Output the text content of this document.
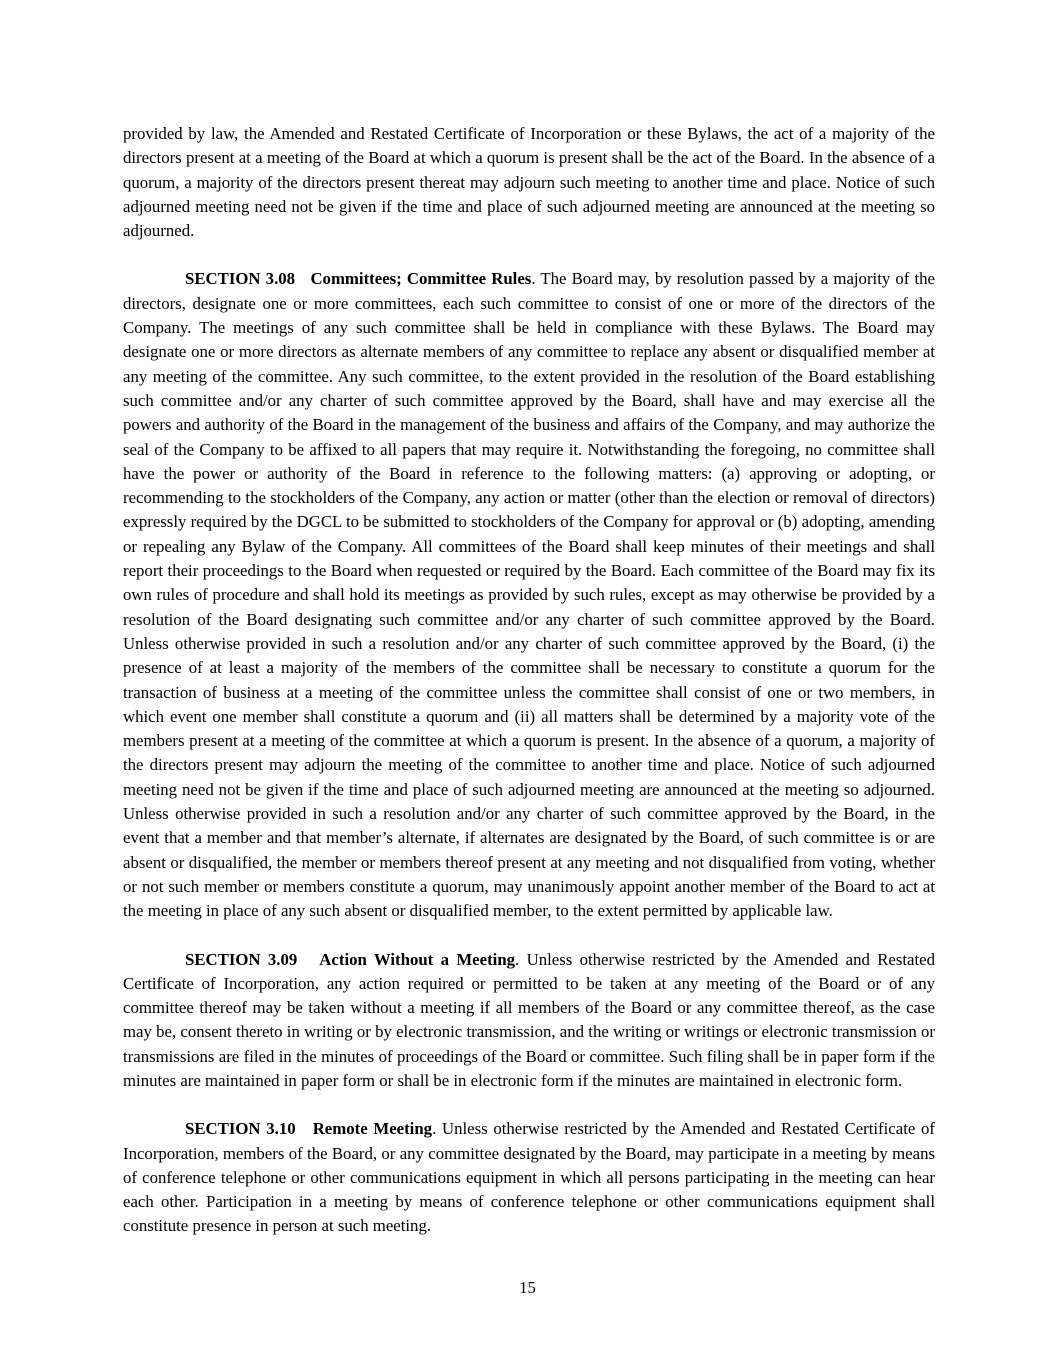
provided by law, the Amended and Restated Certificate of Incorporation or these Bylaws, the act of a majority of the directors present at a meeting of the Board at which a quorum is present shall be the act of the Board. In the absence of a quorum, a majority of the directors present thereat may adjourn such meeting to another time and place. Notice of such adjourned meeting need not be given if the time and place of such adjourned meeting are announced at the meeting so adjourned.

SECTION 3.08   Committees; Committee Rules. The Board may, by resolution passed by a majority of the directors, designate one or more committees, each such committee to consist of one or more of the directors of the Company. The meetings of any such committee shall be held in compliance with these Bylaws. The Board may designate one or more directors as alternate members of any committee to replace any absent or disqualified member at any meeting of the committee. Any such committee, to the extent provided in the resolution of the Board establishing such committee and/or any charter of such committee approved by the Board, shall have and may exercise all the powers and authority of the Board in the management of the business and affairs of the Company, and may authorize the seal of the Company to be affixed to all papers that may require it. Notwithstanding the foregoing, no committee shall have the power or authority of the Board in reference to the following matters: (a) approving or adopting, or recommending to the stockholders of the Company, any action or matter (other than the election or removal of directors) expressly required by the DGCL to be submitted to stockholders of the Company for approval or (b) adopting, amending or repealing any Bylaw of the Company. All committees of the Board shall keep minutes of their meetings and shall report their proceedings to the Board when requested or required by the Board. Each committee of the Board may fix its own rules of procedure and shall hold its meetings as provided by such rules, except as may otherwise be provided by a resolution of the Board designating such committee and/or any charter of such committee approved by the Board. Unless otherwise provided in such a resolution and/or any charter of such committee approved by the Board, (i) the presence of at least a majority of the members of the committee shall be necessary to constitute a quorum for the transaction of business at a meeting of the committee unless the committee shall consist of one or two members, in which event one member shall constitute a quorum and (ii) all matters shall be determined by a majority vote of the members present at a meeting of the committee at which a quorum is present. In the absence of a quorum, a majority of the directors present may adjourn the meeting of the committee to another time and place. Notice of such adjourned meeting need not be given if the time and place of such adjourned meeting are announced at the meeting so adjourned. Unless otherwise provided in such a resolution and/or any charter of such committee approved by the Board, in the event that a member and that member’s alternate, if alternates are designated by the Board, of such committee is or are absent or disqualified, the member or members thereof present at any meeting and not disqualified from voting, whether or not such member or members constitute a quorum, may unanimously appoint another member of the Board to act at the meeting in place of any such absent or disqualified member, to the extent permitted by applicable law.

SECTION 3.09   Action Without a Meeting. Unless otherwise restricted by the Amended and Restated Certificate of Incorporation, any action required or permitted to be taken at any meeting of the Board or of any committee thereof may be taken without a meeting if all members of the Board or any committee thereof, as the case may be, consent thereto in writing or by electronic transmission, and the writing or writings or electronic transmission or transmissions are filed in the minutes of proceedings of the Board or committee. Such filing shall be in paper form if the minutes are maintained in paper form or shall be in electronic form if the minutes are maintained in electronic form.

SECTION 3.10   Remote Meeting. Unless otherwise restricted by the Amended and Restated Certificate of Incorporation, members of the Board, or any committee designated by the Board, may participate in a meeting by means of conference telephone or other communications equipment in which all persons participating in the meeting can hear each other. Participation in a meeting by means of conference telephone or other communications equipment shall constitute presence in person at such meeting.

15
